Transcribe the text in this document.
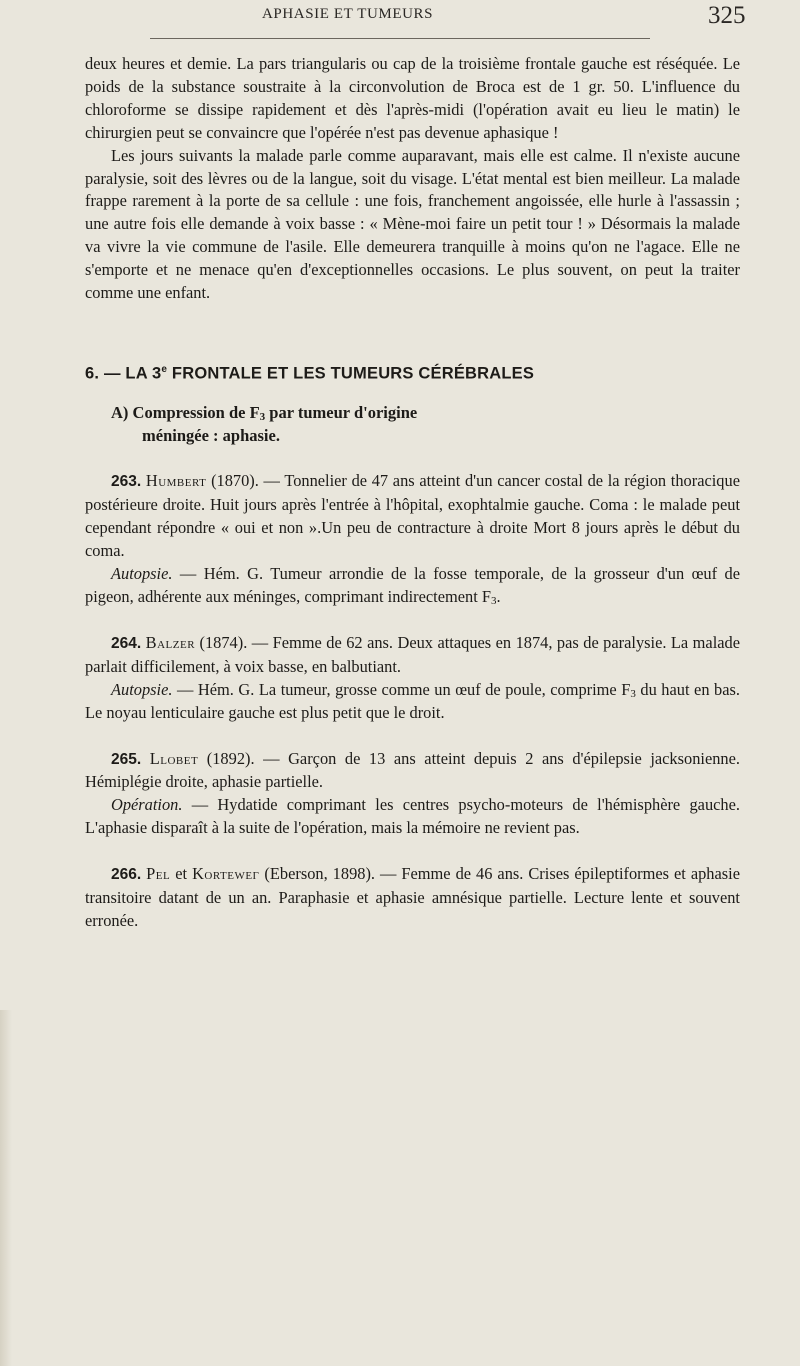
APHASIE ET TUMEURS	325

deux heures et demie. La pars triangularis ou cap de la troisième frontale gauche est réséquée. Le poids de la substance soustraite à la circonvolution de Broca est de 1 gr. 50. L'influence du chloroforme se dissipe rapidement et dès l'après-midi (l'opération avait eu lieu le matin) le chirurgien peut se convaincre que l'opérée n'est pas devenue aphasique !

Les jours suivants la malade parle comme auparavant, mais elle est calme. Il n'existe aucune paralysie, soit des lèvres ou de la langue, soit du visage. L'état mental est bien meilleur. La malade frappe rarement à la porte de sa cellule : une fois, franchement angoissée, elle hurle à l'assassin ; une autre fois elle demande à voix basse : « Mène-moi faire un petit tour ! » Désormais la malade va vivre la vie commune de l'asile. Elle demeurera tranquille à moins qu'on ne l'agace. Elle ne s'emporte et ne menace qu'en d'exceptionnelles occasions. Le plus souvent, on peut la traiter comme une enfant.

6. — LA 3e FRONTALE ET LES TUMEURS CÉRÉBRALES
A) Compression de $F_3$ par tumeur d'origine
méningée : aphasie.

263. Humbert (1870). — Tonnelier de 47 ans atteint d'un cancer costal de la région thoracique postérieure droite. Huit jours après l'entrée à l'hôpital, exophtalmie gauche. Coma : le malade peut cependant répondre « oui et non ».Un peu de contracture à droite Mort 8 jours après le début du coma.

Autopsie. — Hém. G. Tumeur arrondie de la fosse temporale, de la grosseur d'un œuf de pigeon, adhérente aux méninges, comprimant indirectement $F_3$.

264. Balzer (1874). — Femme de 62 ans. Deux attaques en 1874, pas de paralysie. La malade parlait difficilement, à voix basse, en balbutiant.

Autopsie. — Hém. G. La tumeur, grosse comme un œuf de poule, comprime $F_3$ du haut en bas. Le noyau lenticulaire gauche est plus petit que le droit.

265. Llobet (1892). — Garçon de 13 ans atteint depuis 2 ans d'épilepsie jacksonienne. Hémiplégie droite, aphasie partielle.

Opération. — Hydatide comprimant les centres psycho-moteurs de l'hémisphère gauche. L'aphasie disparaît à la suite de l'opération, mais la mémoire ne revient pas.

266. Pel et Kortewег (Eberson, 1898). — Femme de 46 ans. Crises épileptiformes et aphasie transitoire datant de un an. Paraphasie et aphasie amnésique partielle. Lecture lente et souvent erronée.
